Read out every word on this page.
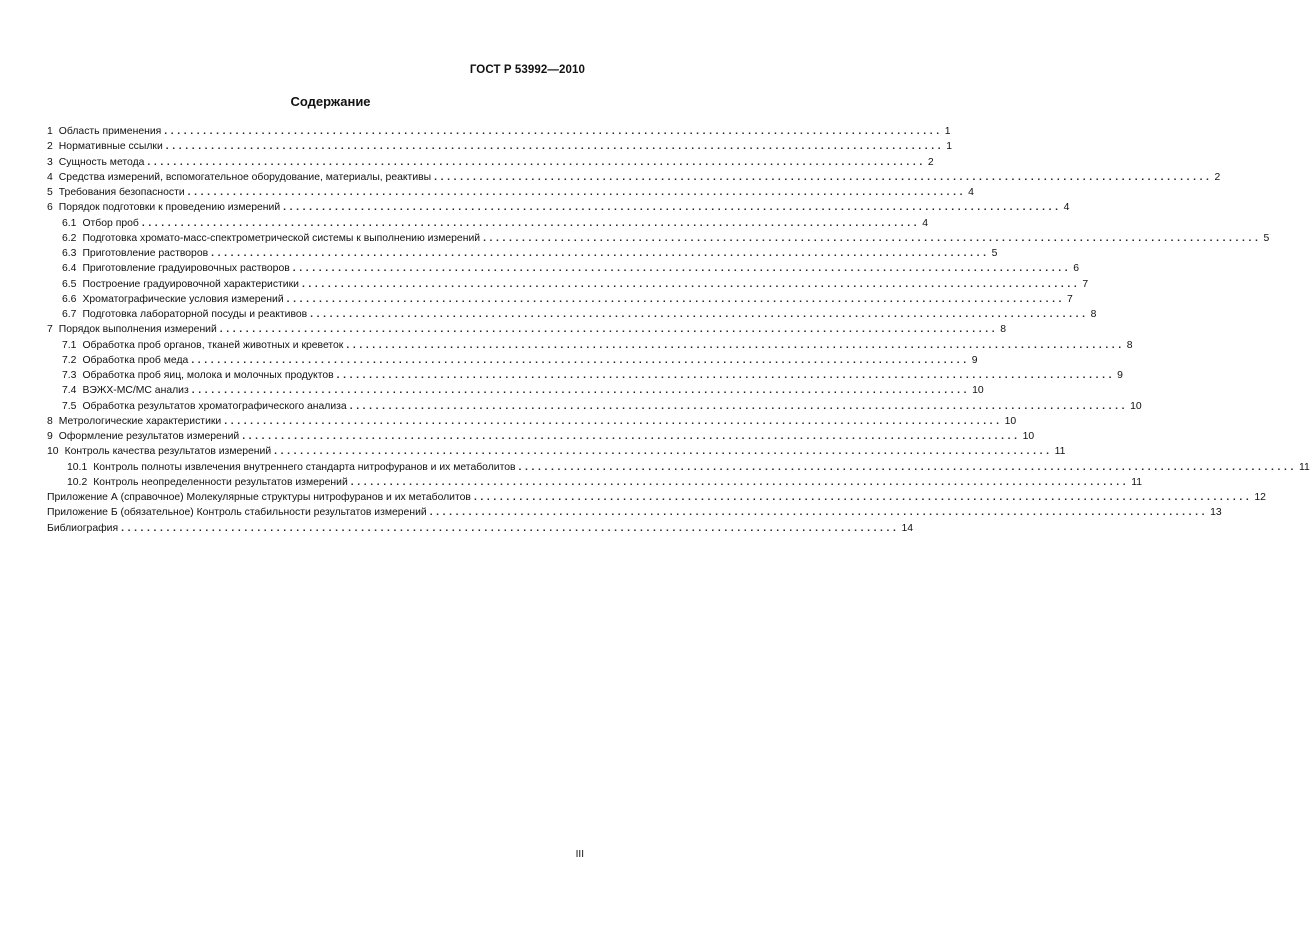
ГОСТ Р 53992—2010
Содержание
1 Область применения ........................................................................................................................ 1
2 Нормативные ссылки ........................................................................................................................ 1
3 Сущность метода ........................................................................................................................ 2
4 Средства измерений, вспомогательное оборудование, материалы, реактивы ........................................................................................................................ 2
5 Требования безопасности ........................................................................................................................ 4
6 Порядок подготовки к проведению измерений ........................................................................................................................ 4
6.1 Отбор проб ........................................................................................................................ 4
6.2 Подготовка хромато-масс-спектрометрической системы к выполнению измерений ........................................................................................................................ 5
6.3 Приготовление растворов ........................................................................................................................ 5
6.4 Приготовление градуировочных растворов ........................................................................................................................ 6
6.5 Построение градуировочной характеристики ........................................................................................................................ 7
6.6 Хроматографические условия измерений ........................................................................................................................ 7
6.7 Подготовка лабораторной посуды и реактивов ........................................................................................................................ 8
7 Порядок выполнения измерений ........................................................................................................................ 8
7.1 Обработка проб органов, тканей животных и креветок ........................................................................................................................ 8
7.2 Обработка проб меда ........................................................................................................................ 9
7.3 Обработка проб яиц, молока и молочных продуктов ........................................................................................................................ 9
7.4 ВЭЖХ-МС/МС анализ ........................................................................................................................ 10
7.5 Обработка результатов хроматографического анализа ........................................................................................................................ 10
8 Метрологические характеристики ........................................................................................................................ 10
9 Оформление результатов измерений ........................................................................................................................ 10
10 Контроль качества результатов измерений ........................................................................................................................ 11
10.1 Контроль полноты извлечения внутреннего стандарта нитрофуранов и их метаболитов ........................................................................................................................ 11
10.2 Контроль неопределенности результатов измерений ........................................................................................................................ 11
Приложение А (справочное) Молекулярные структуры нитрофуранов и их метаболитов ........................................................................................................................ 12
Приложение Б (обязательное) Контроль стабильности результатов измерений ........................................................................................................................ 13
Библиография ........................................................................................................................ 14
III
